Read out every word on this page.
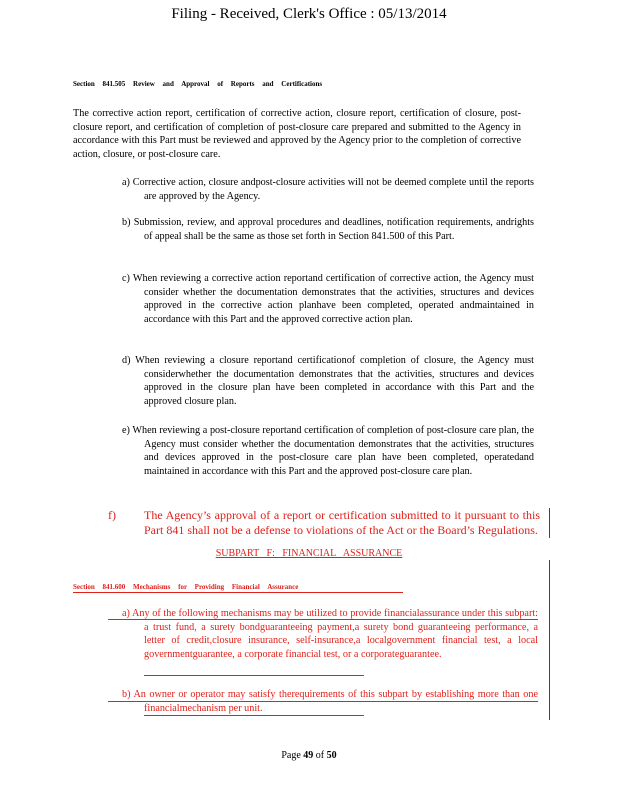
Filing - Received, Clerk's Office : 05/13/2014
Section 841.505 Review and Approval of Reports and Certifications
The corrective action report, certification of corrective action, closure report, certification of closure, post-closure report, and certification of completion of post-closure care prepared and submitted to the Agency in accordance with this Part must be reviewed and approved by the Agency prior to the completion of corrective action, closure, or post-closure care.
a) Corrective action, closure andpost-closure activities will not be deemed complete until the reports are approved by the Agency.
b) Submission, review, and approval procedures and deadlines, notification requirements, andrights of appeal shall be the same as those set forth in Section 841.500 of this Part.
c) When reviewing a corrective action reportand certification of corrective action, the Agency must consider whether the documentation demonstrates that the activities, structures and devices approved in the corrective action planhave been completed, operated andmaintained in accordance with this Part and the approved corrective action plan.
d) When reviewing a closure reportand certificationof completion of closure, the Agency must considerwhether the documentation demonstrates that the activities, structures and devices approved in the closure plan have been completed in accordance with this Part and the approved closure plan.
e) When reviewing a post-closure reportand certification of completion of post-closure care plan, the Agency must consider whether the documentation demonstrates that the activities, structures and devices approved in the post-closure care plan have been completed, operatedand maintained in accordance with this Part and the approved post-closure care plan.
f) The Agency’s approval of a report or certification submitted to it pursuant to this Part 841 shall not be a defense to violations of the Act or the Board’s Regulations.
SUBPART F: FINANCIAL ASSURANCE
Section 841.600 Mechanisms for Providing Financial Assurance
a) Any of the following mechanisms may be utilized to provide financialassurance under this subpart: a trust fund, a surety bondguaranteeing payment,a surety bond guaranteeing performance, a letter of credit,closure insurance, self-insurance,a localgovernment financial test, a local governmentguarantee, a corporate financial test, or a corporateguarantee.
b) An owner or operator may satisfy therequirements of this subpart by establishing more than one financialmechanism per unit.
Page 49 of 50
